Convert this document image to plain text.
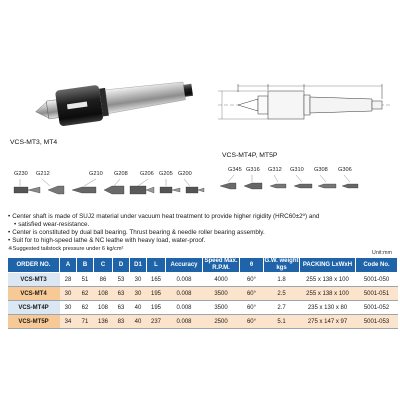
VCS-MT3, MT4
VCS-MT4P, MT5P
G230 G212	G210 G208 G206 G205 G200
G345 G316 G312 G310 G308 G306
• Center shaft is made of SUJ2 material under vacuum heat treatment to provide higher rigidity (HRC60±2º) and
• satisfied wear-resistance.
• Center is constituted by dual ball bearing. Thrust bearing & needle roller bearing assembly.
• Suit for to high-speed lathe & NC leathe with heavy load, water-proof.
※Suggested tailstock pressure under 6 kg/cm²
Unit:mm
ORDER NO.	A	B	C	D	D1	L	Accuracy	Speed Max. R.P.M.	θ	G.W. weight kgs	PACKING LxWxH	Code No.
VCS-MT3	28	51	86	53	30	165	0.008	4000	60°	1.8	255 x 138 x 100	5001-050
VCS-MT4	30	62	108	63	30	195	0.008	3500	60°	2.5	255 x 138 x 100	5001-051
VCS-MT4P	30	62	108	63	40	195	0.008	3500	60°	2.7	235 x 130 x 80	5001-052
VCS-MT5P	34	71	136	83	40	237	0.008	2500	60°	5.1	275 x 147 x 97	5001-053
